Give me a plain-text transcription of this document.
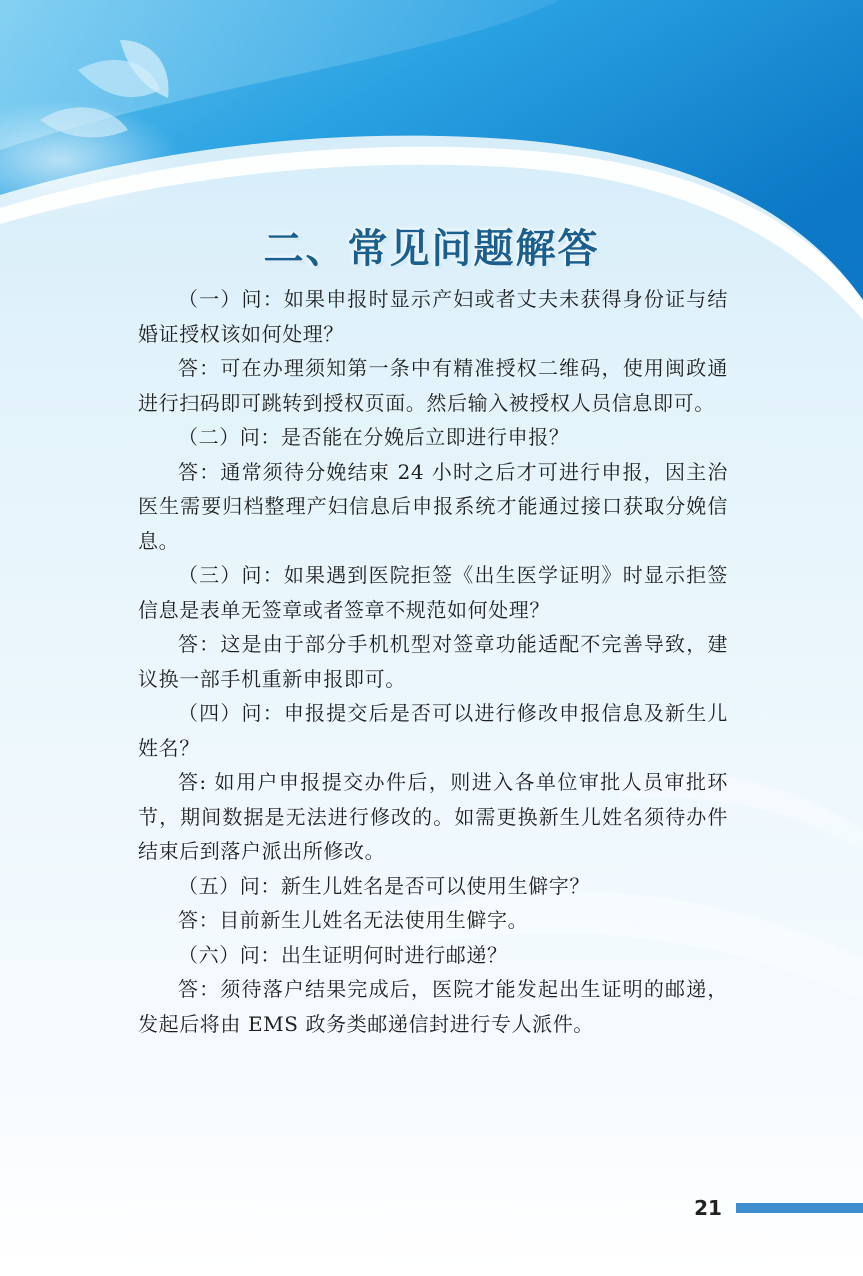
二、常见问题解答

（一）问：如果申报时显示产妇或者丈夫未获得身份证与结婚证授权该如何处理？

答：可在办理须知第一条中有精准授权二维码，使用闽政通进行扫码即可跳转到授权页面。然后输入被授权人员信息即可。

（二）问：是否能在分娩后立即进行申报？

答：通常须待分娩结束 24 小时之后才可进行申报，因主治医生需要归档整理产妇信息后申报系统才能通过接口获取分娩信息。

（三）问：如果遇到医院拒签《出生医学证明》时显示拒签信息是表单无签章或者签章不规范如何处理？

答：这是由于部分手机机型对签章功能适配不完善导致，建议换一部手机重新申报即可。

（四）问：申报提交后是否可以进行修改申报信息及新生儿姓名？

答: 如用户申报提交办件后，则进入各单位审批人员审批环节，期间数据是无法进行修改的。如需更换新生儿姓名须待办件结束后到落户派出所修改。

（五）问：新生儿姓名是否可以使用生僻字？

答：目前新生儿姓名无法使用生僻字。

（六）问：出生证明何时进行邮递？

答：须待落户结果完成后，医院才能发起出生证明的邮递，发起后将由 EMS 政务类邮递信封进行专人派件。

21
